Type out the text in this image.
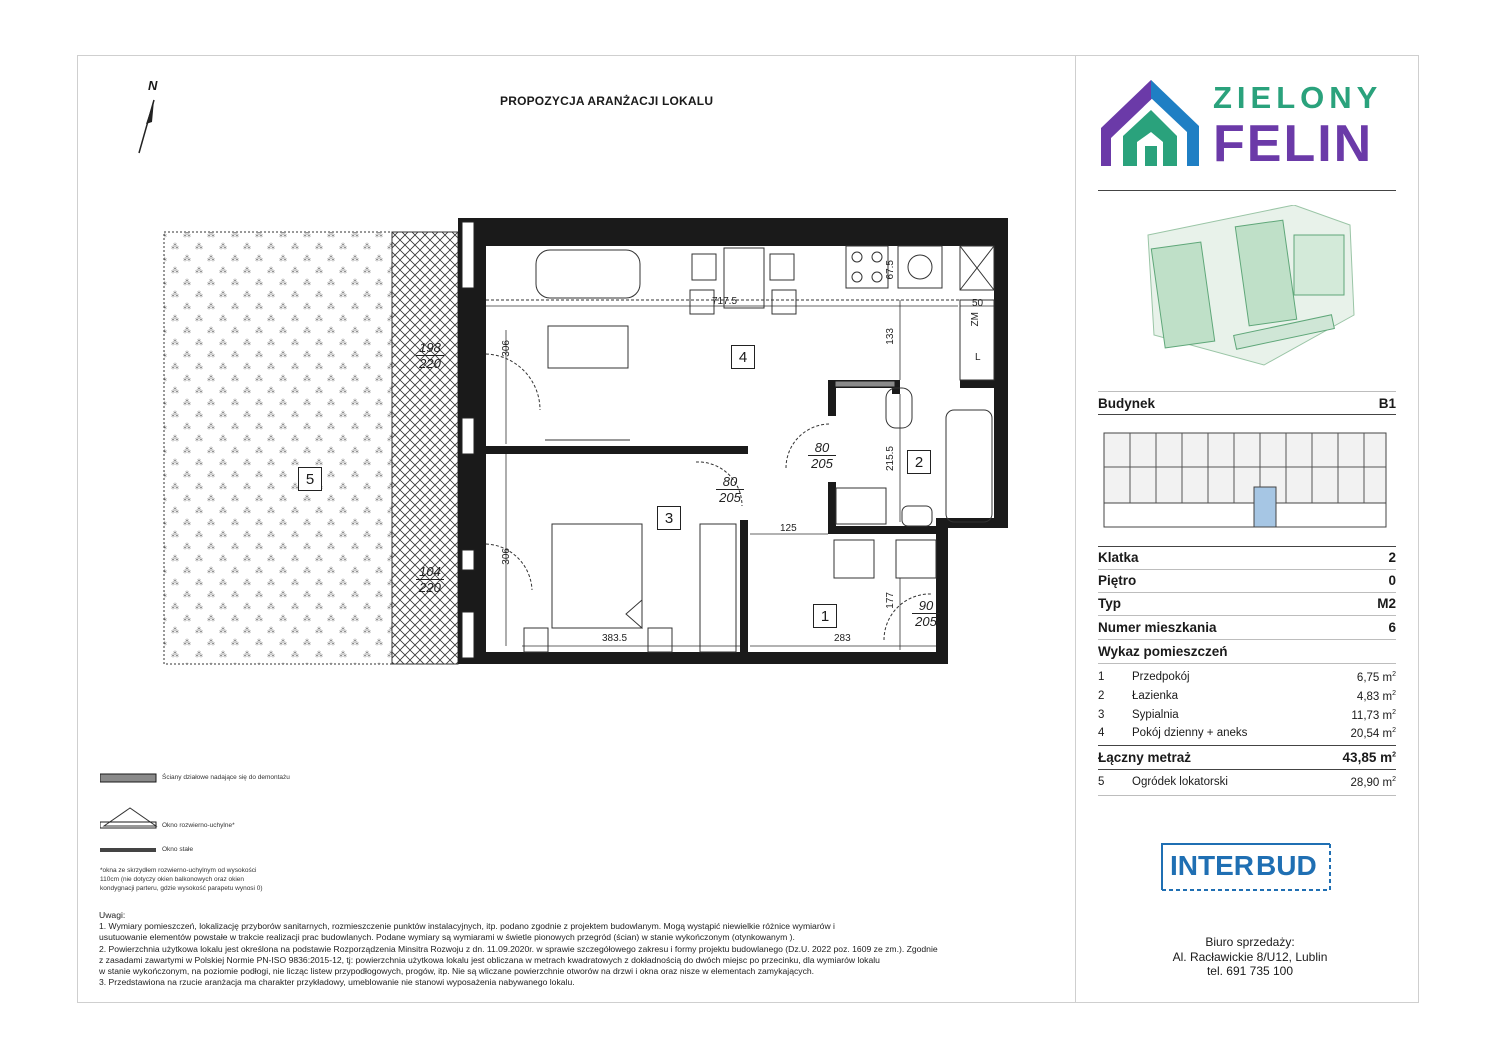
PROPOZYCJA ARANŻACJI LOKALU
N
5
4
3
2
1
717.5
67.5
50
133
306
306
215.5
125
177
383.5	283
ZM
L
198
220
104
220
80
205
80
205
90
205
Ściany działowe nadające się do demontażu
Okno rozwierno-uchylne*
Okno stałe
*okna ze skrzydłem rozwierno-uchylnym od wysokości
110cm (nie dotyczy okien balkonowych oraz okien
kondygnacji parteru, gdzie wysokość parapetu wynosi 0)
Uwagi:
1. Wymiary pomieszczeń, lokalizację przyborów sanitarnych, rozmieszczenie punktów instalacyjnych, itp. podano zgodnie z projektem budowlanym. Mogą wystąpić niewielkie różnice wymiarów i
usutuowanie elementów powstałe w trakcie realizacji prac budowlanych. Podane wymiary są wymiarami w świetle pionowych przegród (ścian) w stanie wykończonym (otynkowanym ).
2. Powierzchnia użytkowa lokalu jest określona na podstawie Rozporządzenia Minsitra Rozwoju z dn. 11.09.2020r. w sprawie szczegółowego zakresu i formy projektu budowlanego (Dz.U. 2022 poz. 1609 ze zm.). Zgodnie
z zasadami zawartymi w Polskiej Normie PN-ISO 9836:2015-12, tj: powierzchnia użytkowa lokalu jest obliczana w metrach kwadratowych z dokładnością do dwóch miejsc po przecinku, dla wymiarów lokalu
w stanie wykończonym, na poziomie podłogi, nie licząc listew przypodłogowych, progów, itp. Nie są wliczane powierzchnie otworów na drzwi i okna oraz nisze w elementach zamykających.
3. Przedstawiona na rzucie aranżacja ma charakter przykładowy, umeblowanie nie stanowi wyposażenia nabywanego lokalu.
ZIELONY
FELIN
Budynek	B1
Klatka	2
Piętro	0
Typ	M2
Numer mieszkania	6
Wykaz pomieszczeń
1 Przedpokój	6,75 $m^2$
2 Łazienka	4,83 $m^2$
3 Sypialnia	11,73 $m^2$
4 Pokój dzienny + aneks	20,54 $m^2$
Łączny metraż	43,85 $m^2$
5 Ogródek lokatorski	28,90 $m^2$
INTER BUD
Biuro sprzedaży:
Al. Racławickie 8/U12, Lublin
tel. 691 735 100
